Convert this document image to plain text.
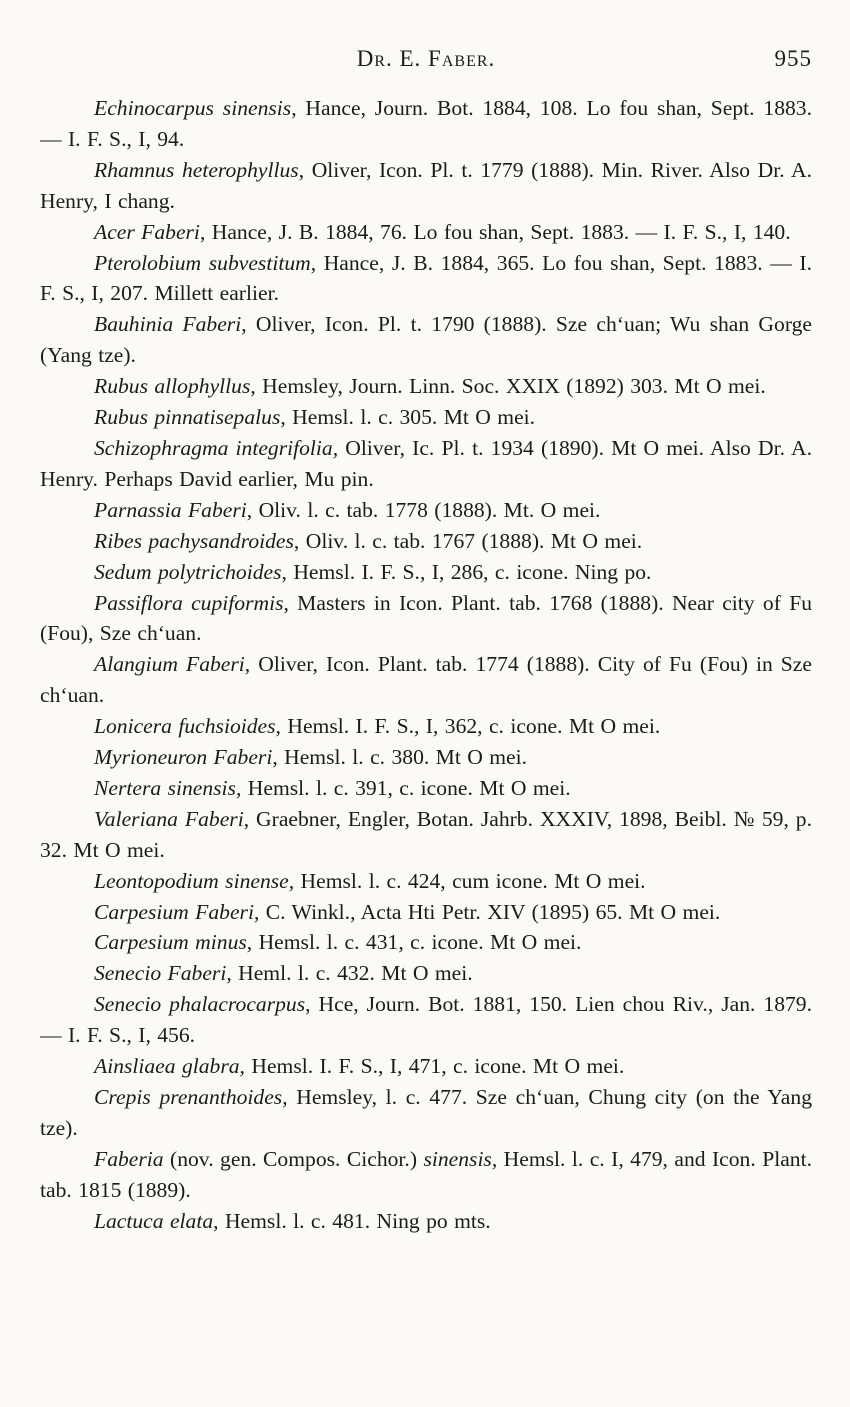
Dr. E. Faber.	955

Echinocarpus sinensis, Hance, Journ. Bot. 1884, 108. Lo fou shan, Sept. 1883. — I. F. S., I, 94.

Rhamnus heterophyllus, Oliver, Icon. Pl. t. 1779 (1888). Min. River. Also Dr. A. Henry, I chang.

Acer Faberi, Hance, J. B. 1884, 76. Lo fou shan, Sept. 1883. — I. F. S., I, 140.

Pterolobium subvestitum, Hance, J. B. 1884, 365. Lo fou shan, Sept. 1883. — I. F. S., I, 207. Millett earlier.

Bauhinia Faberi, Oliver, Icon. Pl. t. 1790 (1888). Sze ch‘uan; Wu shan Gorge (Yang tze).

Rubus allophyllus, Hemsley, Journ. Linn. Soc. XXIX (1892) 303. Mt O mei.

Rubus pinnatisepalus, Hemsl. l. c. 305. Mt O mei.

Schizophragma integrifolia, Oliver, Ic. Pl. t. 1934 (1890). Mt O mei. Also Dr. A. Henry. Perhaps David earlier, Mu pin.

Parnassia Faberi, Oliv. l. c. tab. 1778 (1888). Mt. O mei.

Ribes pachysandroides, Oliv. l. c. tab. 1767 (1888). Mt O mei.

Sedum polytrichoides, Hemsl. I. F. S., I, 286, c. icone. Ning po.

Passiflora cupiformis, Masters in Icon. Plant. tab. 1768 (1888). Near city of Fu (Fou), Sze ch‘uan.

Alangium Faberi, Oliver, Icon. Plant. tab. 1774 (1888). City of Fu (Fou) in Sze ch‘uan.

Lonicera fuchsioides, Hemsl. I. F. S., I, 362, c. icone. Mt O mei.

Myrioneuron Faberi, Hemsl. l. c. 380. Mt O mei.

Nertera sinensis, Hemsl. l. c. 391, c. icone. Mt O mei.

Valeriana Faberi, Graebner, Engler, Botan. Jahrb. XXXIV, 1898, Beibl. № 59, p. 32. Mt O mei.

Leontopodium sinense, Hemsl. l. c. 424, cum icone. Mt O mei.

Carpesium Faberi, C. Winkl., Acta Hti Petr. XIV (1895) 65. Mt O mei.

Carpesium minus, Hemsl. l. c. 431, c. icone. Mt O mei.

Senecio Faberi, Heml. l. c. 432. Mt O mei.

Senecio phalacrocarpus, Hce, Journ. Bot. 1881, 150. Lien chou Riv., Jan. 1879. — I. F. S., I, 456.

Ainsliaea glabra, Hemsl. I. F. S., I, 471, c. icone. Mt O mei.

Crepis prenanthoides, Hemsley, l. c. 477. Sze ch‘uan, Chung city (on the Yang tze).

Faberia (nov. gen. Compos. Cichor.) sinensis, Hemsl. l. c. I, 479, and Icon. Plant. tab. 1815 (1889).

Lactuca elata, Hemsl. l. c. 481. Ning po mts.
